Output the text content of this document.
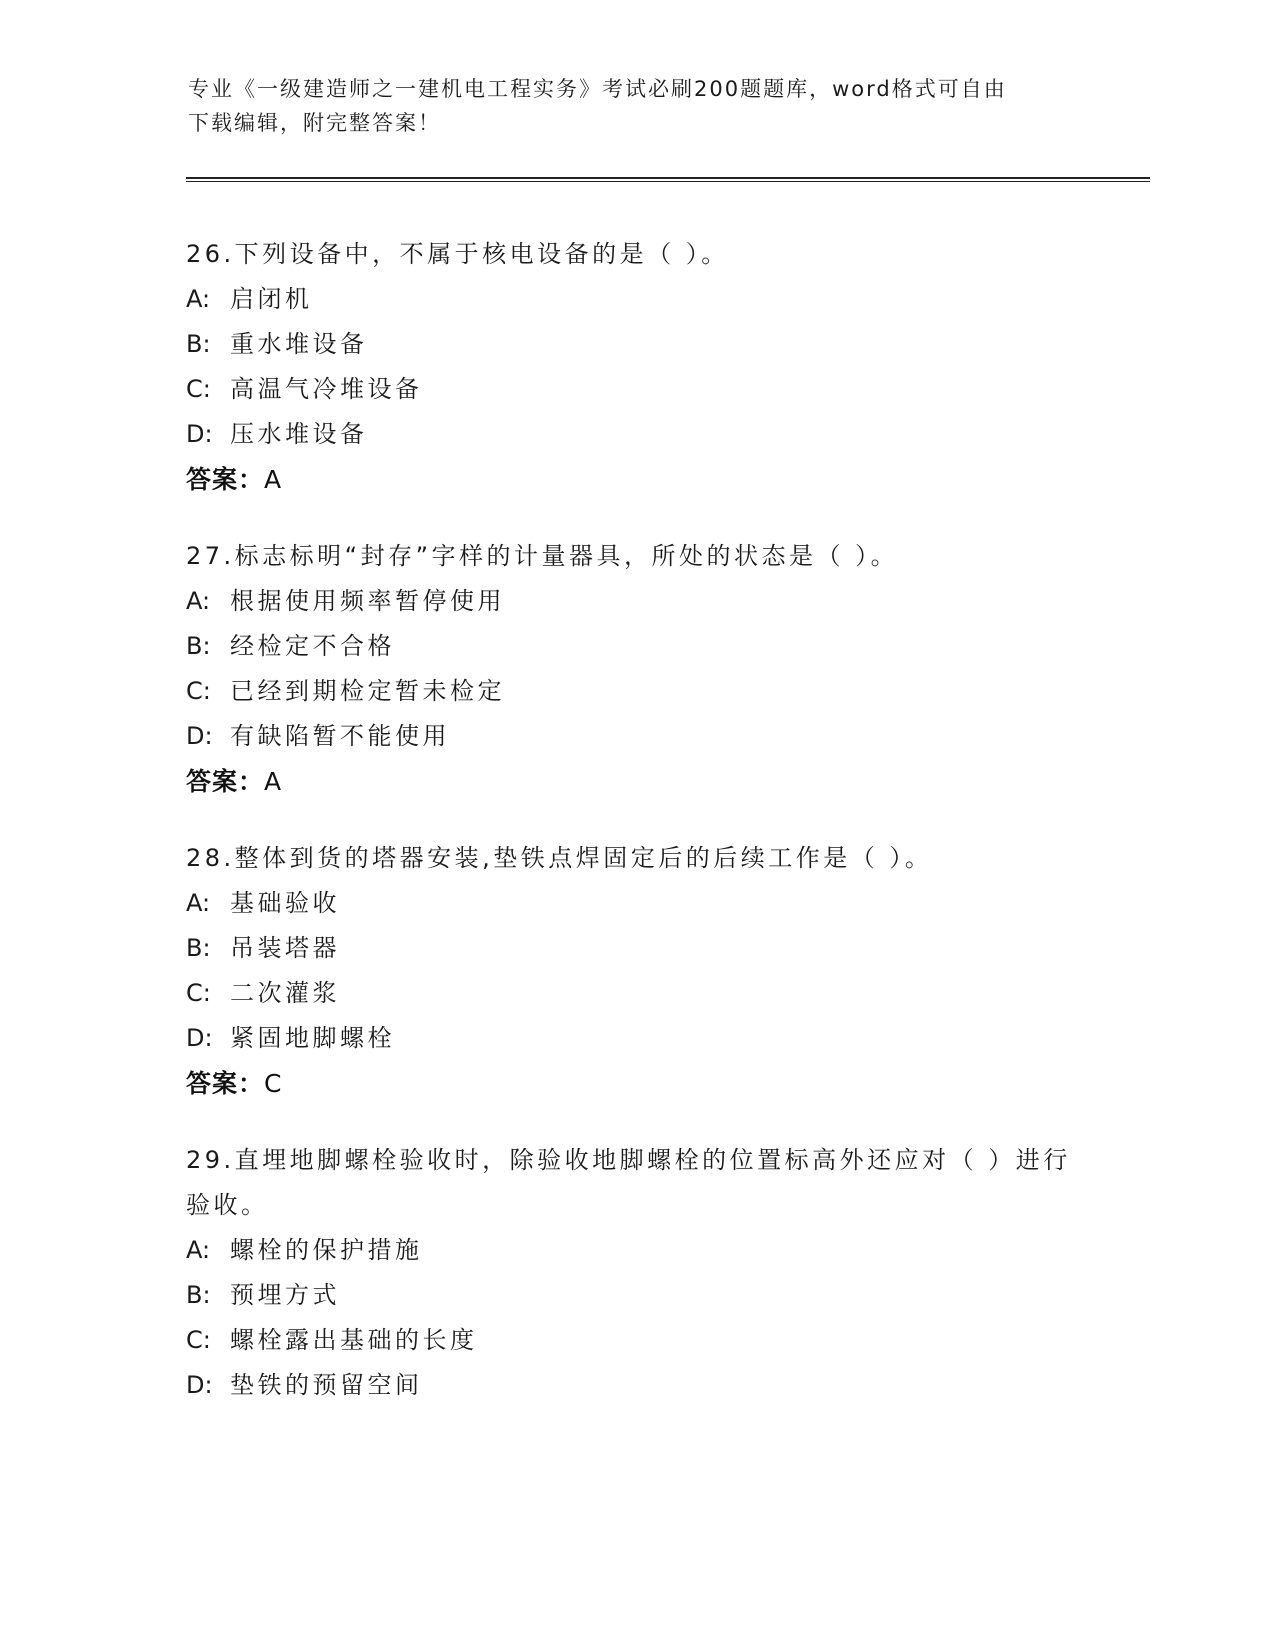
专业《一级建造师之一建机电工程实务》考试必刷200题题库，word格式可自由
下载编辑，附完整答案！
26.下列设备中，不属于核电设备的是（ ）。
A: 启闭机
B: 重水堆设备
C: 高温气冷堆设备
D: 压水堆设备
答案：A
27.标志标明“封存”字样的计量器具，所处的状态是（ ）。
A: 根据使用频率暂停使用
B: 经检定不合格
C: 已经到期检定暂未检定
D: 有缺陷暂不能使用
答案：A
28.整体到货的塔器安装,垫铁点焊固定后的后续工作是（ ）。
A: 基础验收
B: 吊装塔器
C: 二次灌浆
D: 紧固地脚螺栓
答案：C
29.直埋地脚螺栓验收时，除验收地脚螺栓的位置标高外还应对（ ）进行验收。
A: 螺栓的保护措施
B: 预埋方式
C: 螺栓露出基础的长度
D: 垫铁的预留空间
